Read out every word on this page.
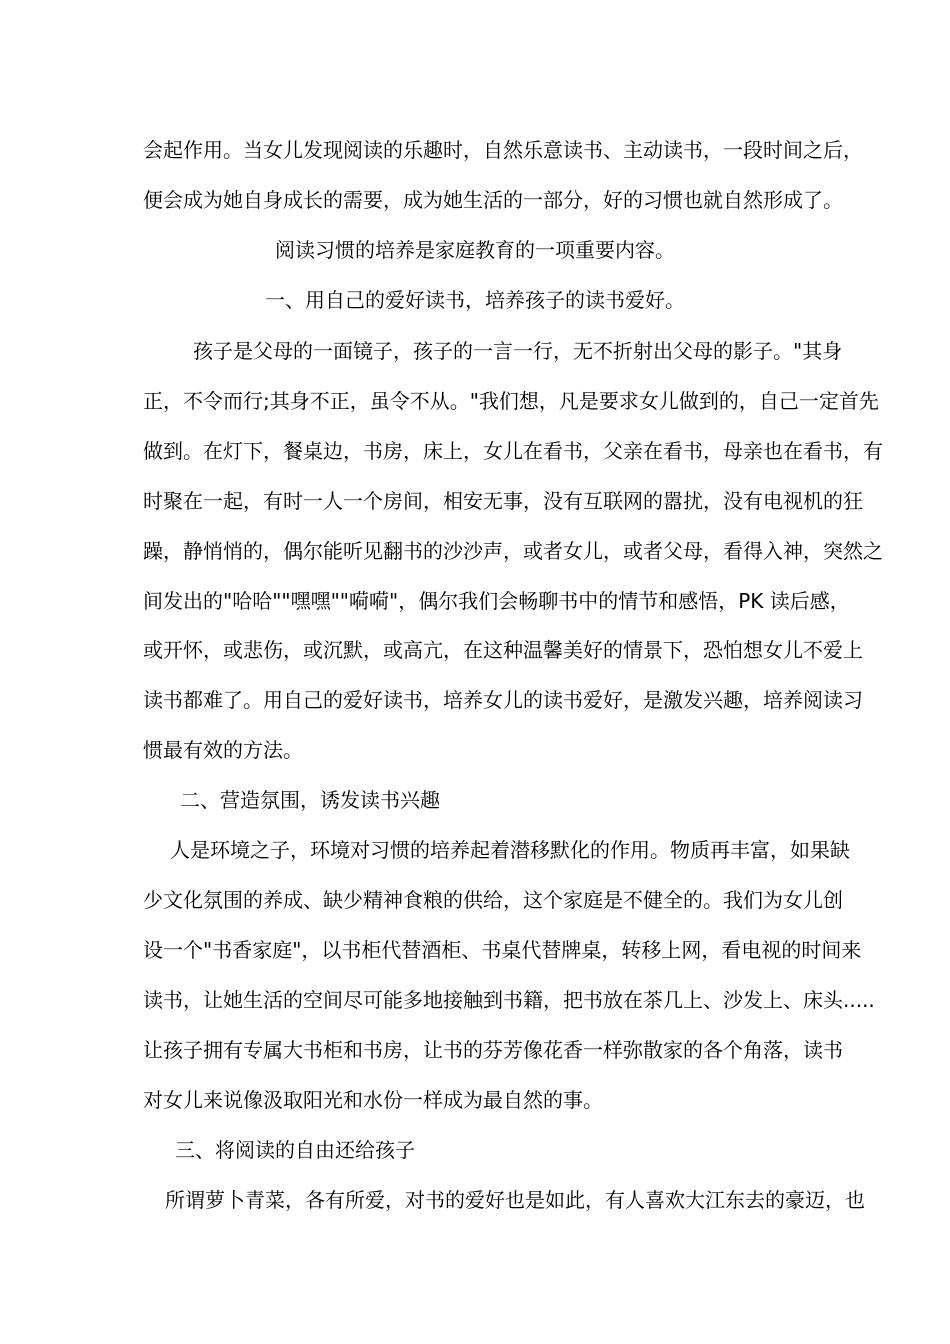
会起作用。当女儿发现阅读的乐趣时，自然乐意读书、主动读书，一段时间之后，
便会成为她自身成长的需要，成为她生活的一部分，好的习惯也就自然形成了。
阅读习惯的培养是家庭教育的一项重要内容。
一、用自己的爱好读书，培养孩子的读书爱好。
孩子是父母的一面镜子，孩子的一言一行，无不折射出父母的影子。"其身
正，不令而行;其身不正，虽令不从。"我们想，凡是要求女儿做到的，自己一定首先
做到。在灯下，餐桌边，书房，床上，女儿在看书，父亲在看书，母亲也在看书，有
时聚在一起，有时一人一个房间，相安无事，没有互联网的嚣扰，没有电视机的狂
躁，静悄悄的，偶尔能听见翻书的沙沙声，或者女儿，或者父母，看得入神，突然之
间发出的"哈哈""嘿嘿""嗬嗬"，偶尔我们会畅聊书中的情节和感悟，PK 读后感，
或开怀，或悲伤，或沉默，或高亢，在这种温馨美好的情景下，恐怕想女儿不爱上
读书都难了。用自己的爱好读书，培养女儿的读书爱好，是激发兴趣，培养阅读习
惯最有效的方法。
二、营造氛围，诱发读书兴趣
人是环境之子，环境对习惯的培养起着潜移默化的作用。物质再丰富，如果缺
少文化氛围的养成、缺少精神食粮的供给，这个家庭是不健全的。我们为女儿创
设一个"书香家庭"，以书柜代替酒柜、书桌代替牌桌，转移上网，看电视的时间来
读书，让她生活的空间尽可能多地接触到书籍，把书放在茶几上、沙发上、床头.....
让孩子拥有专属大书柜和书房，让书的芬芳像花香一样弥散家的各个角落，读书
对女儿来说像汲取阳光和水份一样成为最自然的事。
三、将阅读的自由还给孩子
所谓萝卜青菜，各有所爱，对书的爱好也是如此，有人喜欢大江东去的豪迈，也
